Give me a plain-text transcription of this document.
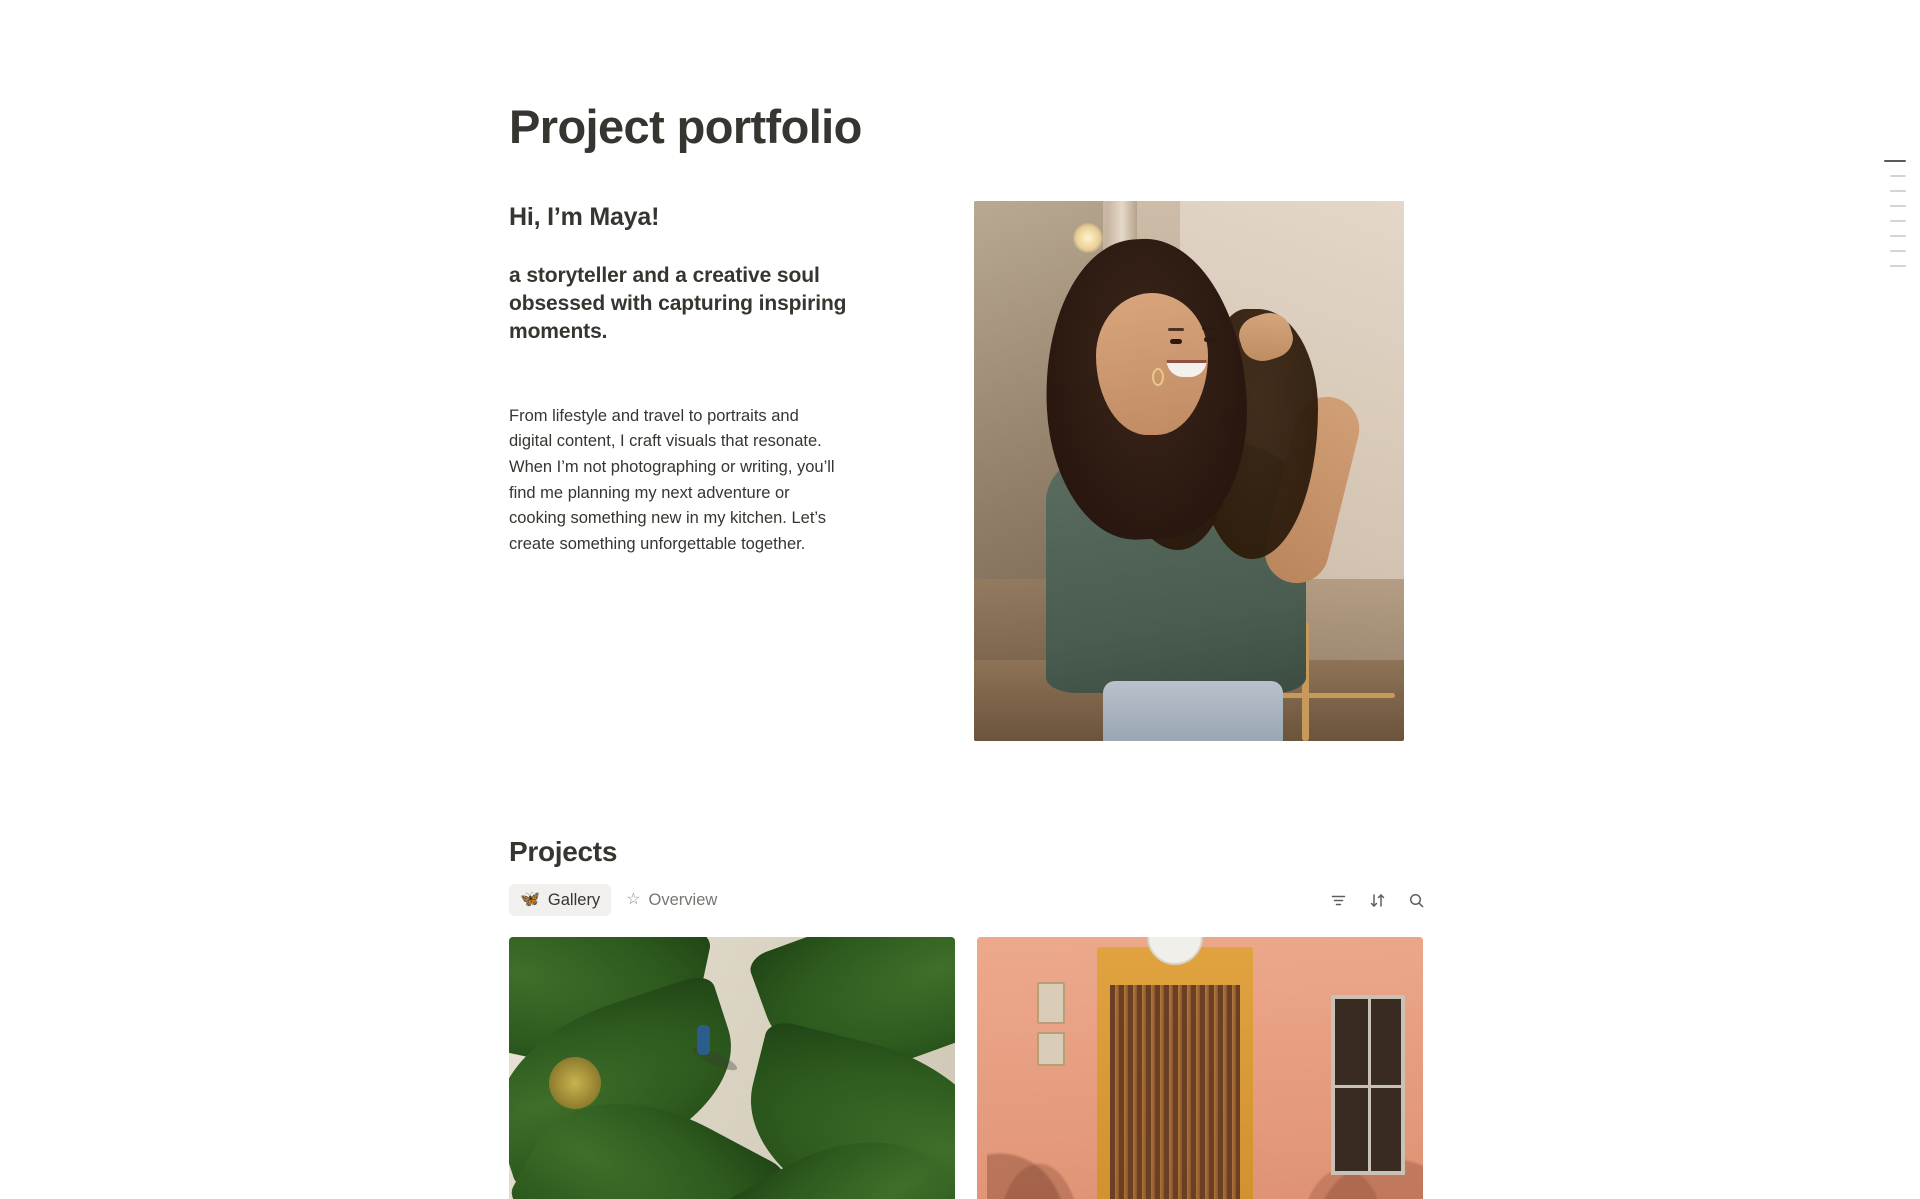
Project portfolio
Hi, I’m Maya!

a storyteller and a creative soul obsessed with capturing inspiring moments.

From lifestyle and travel to portraits and digital content, I craft visuals that resonate. When I’m not photographing or writing, you’ll find me planning my next adventure or cooking something new in my kitchen. Let’s create something unforgettable together.

Projects
🦋 Gallery ☆ Overview
